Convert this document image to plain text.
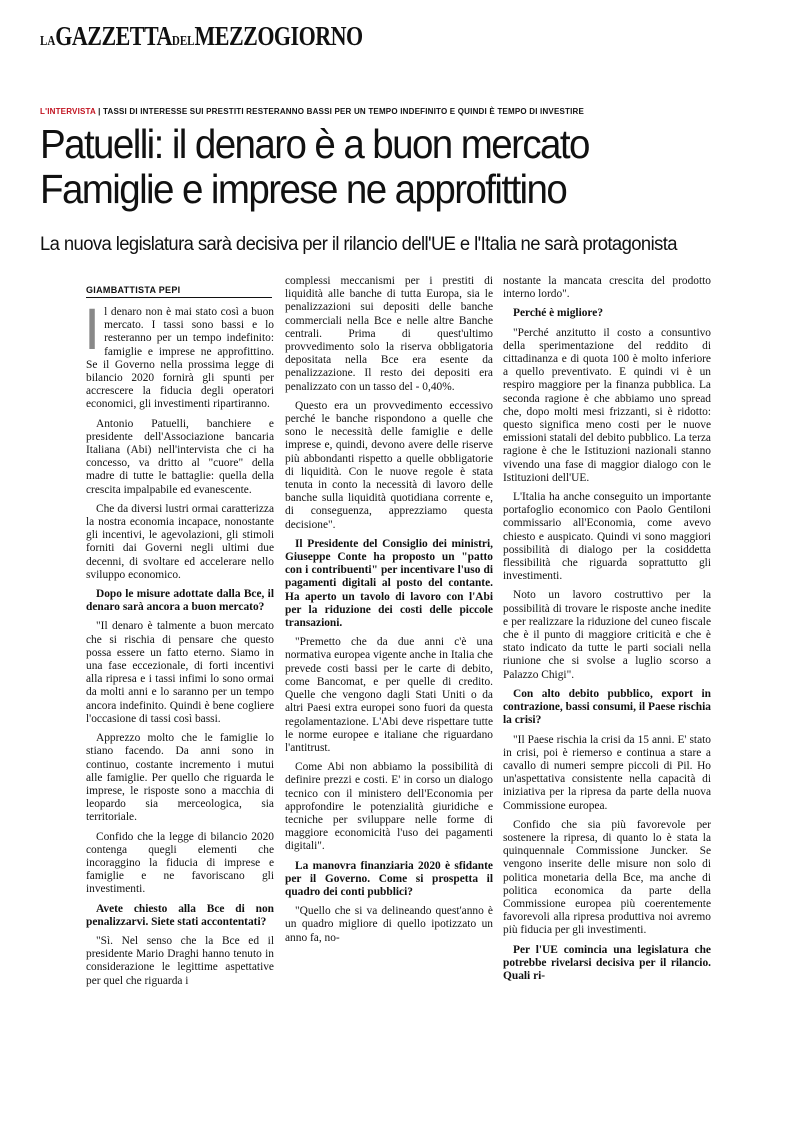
LAGAZZETTADELMEZZOGIORNO
L'INTERVISTA | TASSI DI INTERESSE SUI PRESTITI RESTERANNO BASSI PER UN TEMPO INDEFINITO E QUINDI È TEMPO DI INVESTIRE
Patuelli: il denaro è a buon mercato
Famiglie e imprese ne approfittino
La nuova legislatura sarà decisiva per il rilancio dell'UE e l'Italia ne sarà protagonista
GIAMBATTISTA PEPI

Il denaro non è mai stato così a buon mercato. I tassi sono bassi e lo resteranno per un tempo indefinito: famiglie e imprese ne approfittino. Se il Governo nella prossima legge di bilancio 2020 fornirà gli spunti per accrescere la fiducia degli operatori economici, gli investimenti ripartiranno.

Antonio Patuelli, banchiere e presidente dell'Associazione bancaria Italiana (Abi) nell'intervista che ci ha concesso, va dritto al "cuore" della madre di tutte le battaglie: quella della crescita impalpabile ed evanescente.

Che da diversi lustri ormai caratterizza la nostra economia incapace, nonostante gli incentivi, le agevolazioni, gli stimoli forniti dai Governi negli ultimi due decenni, di svoltare ed accelerare nello sviluppo economico.

Dopo le misure adottate dalla Bce, il denaro sarà ancora a buon mercato?

"Il denaro è talmente a buon mercato che si rischia di pensare che questo possa essere un fatto eterno. Siamo in una fase eccezionale, di forti incentivi alla ripresa e i tassi infimi lo sono ormai da molti anni e lo saranno per un tempo ancora indefinito. Quindi è bene cogliere l'occasione di tassi così bassi.

Apprezzo molto che le famiglie lo stiano facendo. Da anni sono in continuo, costante incremento i mutui alle famiglie. Per quello che riguarda le imprese, le risposte sono a macchia di leopardo sia merceologica, sia territoriale.

Confido che la legge di bilancio 2020 contenga quegli elementi che incoraggino la fiducia di imprese e famiglie e ne favoriscano gli investimenti.

Avete chiesto alla Bce di non penalizzarvi. Siete stati accontentati?

"Sì. Nel senso che la Bce ed il presidente Mario Draghi hanno tenuto in considerazione le legittime aspettative per quel che riguarda i

complessi meccanismi per i prestiti di liquidità alle banche di tutta Europa, sia le penalizzazioni sui depositi delle banche commerciali nella Bce e nelle altre Banche centrali. Prima di quest'ultimo provvedimento solo la riserva obbligatoria depositata nella Bce era esente da penalizzazione. Il resto dei depositi era penalizzato con un tasso del - 0,40%.

Questo era un provvedimento eccessivo perché le banche rispondono a quelle che sono le necessità delle famiglie e delle imprese e, quindi, devono avere delle riserve più abbondanti rispetto a quelle obbligatorie di liquidità. Con le nuove regole è stata tenuta in conto la necessità di lavoro delle banche sulla liquidità quotidiana corrente e, di conseguenza, apprezziamo questa decisione".

Il Presidente del Consiglio dei ministri, Giuseppe Conte ha proposto un "patto con i contribuenti" per incentivare l'uso di pagamenti digitali al posto del contante. Ha aperto un tavolo di lavoro con l'Abi per la riduzione dei costi delle piccole transazioni.

"Premetto che da due anni c'è una normativa europea vigente anche in Italia che prevede costi bassi per le carte di debito, come Bancomat, e per quelle di credito. Quelle che vengono dagli Stati Uniti o da altri Paesi extra europei sono fuori da questa regolamentazione. L'Abi deve rispettare tutte le norme europee e italiane che riguardano l'antitrust.

Come Abi non abbiamo la possibilità di definire prezzi e costi. E' in corso un dialogo tecnico con il ministero dell'Economia per approfondire le potenzialità giuridiche e tecniche per sviluppare nelle forme di maggiore economicità l'uso dei pagamenti digitali".

La manovra finanziaria 2020 è sfidante per il Governo. Come si prospetta il quadro dei conti pubblici?

"Quello che si va delineando quest'anno è un quadro migliore di quello ipotizzato un anno fa, no-

nostante la mancata crescita del prodotto interno lordo".

Perché è migliore?

"Perché anzitutto il costo a consuntivo della sperimentazione del reddito di cittadinanza e di quota 100 è molto inferiore a quello preventivato. E quindi vi è un respiro maggiore per la finanza pubblica. La seconda ragione è che abbiamo uno spread che, dopo molti mesi frizzanti, si è ridotto: questo significa meno costi per le nuove emissioni statali del debito pubblico. La terza ragione è che le Istituzioni nazionali stanno vivendo una fase di maggior dialogo con le Istituzioni dell'UE.

L'Italia ha anche conseguito un importante portafoglio economico con Paolo Gentiloni commissario all'Economia, come avevo chiesto e auspicato. Quindi vi sono maggiori possibilità di dialogo per la cosiddetta flessibilità che riguarda soprattutto gli investimenti.

Noto un lavoro costruttivo per la possibilità di trovare le risposte anche inedite e per realizzare la riduzione del cuneo fiscale che è il punto di maggiore criticità e che è stato indicato da tutte le parti sociali nella riunione che si svolse a luglio scorso a Palazzo Chigi".

Con alto debito pubblico, export in contrazione, bassi consumi, il Paese rischia la crisi?

"Il Paese rischia la crisi da 15 anni. E' stato in crisi, poi è riemerso e continua a stare a cavallo di numeri sempre piccoli di Pil. Ho un'aspettativa consistente nella capacità di iniziativa per la ripresa da parte della nuova Commissione europea.

Confido che sia più favorevole per sostenere la ripresa, di quanto lo è stata la quinquennale Commissione Juncker. Se vengono inserite delle misure non solo di politica monetaria della Bce, ma anche di politica economica da parte della Commissione europea più coerentemente favorevoli alla ripresa produttiva noi avremo più fiducia per gli investimenti.

Per l'UE comincia una legislatura che potrebbe rivelarsi decisiva per il rilancio. Quali ri-
